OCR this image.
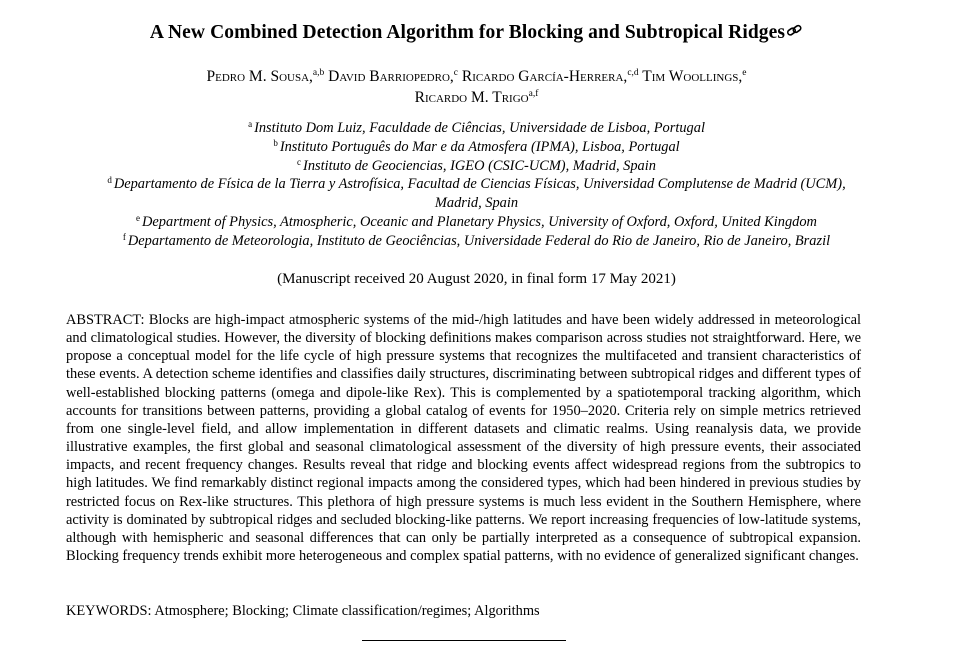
A New Combined Detection Algorithm for Blocking and Subtropical Ridges
Pedro M. Sousa,$^{a,b}$ David Barriopedro,$^c$ Ricardo García-Herrera,$^{c,d}$ Tim Woollings,$^e$
Ricardo M. Trigo$^{a,f}$
$^a$ Instituto Dom Luiz, Faculdade de Ciências, Universidade de Lisboa, Portugal
$^b$ Instituto Português do Mar e da Atmosfera (IPMA), Lisboa, Portugal
$^c$ Instituto de Geociencias, IGEO (CSIC-UCM), Madrid, Spain
$^d$ Departamento de Física de la Tierra y Astrofísica, Facultad de Ciencias Físicas, Universidad Complutense de Madrid (UCM),
Madrid, Spain
$^e$ Department of Physics, Atmospheric, Oceanic and Planetary Physics, University of Oxford, Oxford, United Kingdom
$^f$ Departamento de Meteorologia, Instituto de Geociências, Universidade Federal do Rio de Janeiro, Rio de Janeiro, Brazil
(Manuscript received 20 August 2020, in final form 17 May 2021)
ABSTRACT: Blocks are high-impact atmospheric systems of the mid-/high latitudes and have been widely addressed in meteorological and climatological studies. However, the diversity of blocking definitions makes comparison across studies not straightforward. Here, we propose a conceptual model for the life cycle of high pressure systems that recognizes the multifaceted and transient characteristics of these events. A detection scheme identifies and classifies daily structures, discriminating between subtropical ridges and different types of well-established blocking patterns (omega and dipole-like Rex). This is complemented by a spatiotemporal tracking algorithm, which accounts for transitions between patterns, providing a global catalog of events for 1950–2020. Criteria rely on simple metrics retrieved from one single-level field, and allow implementation in different datasets and climatic realms. Using reanalysis data, we provide illustrative examples, the first global and seasonal climatological assessment of the diversity of high pressure events, their associated impacts, and recent frequency changes. Results reveal that ridge and blocking events affect widespread regions from the subtropics to high latitudes. We find remarkably distinct regional impacts among the considered types, which had been hindered in previous studies by restricted focus on Rex-like structures. This plethora of high pressure systems is much less evident in the Southern Hemisphere, where activity is dominated by subtropical ridges and secluded blocking-like patterns. We report increasing frequencies of low-latitude systems, although with hemispheric and seasonal differences that can only be partially interpreted as a consequence of subtropical expansion. Blocking frequency trends exhibit more heterogeneous and complex spatial patterns, with no evidence of generalized significant changes.
KEYWORDS: Atmosphere; Blocking; Climate classification/regimes; Algorithms
